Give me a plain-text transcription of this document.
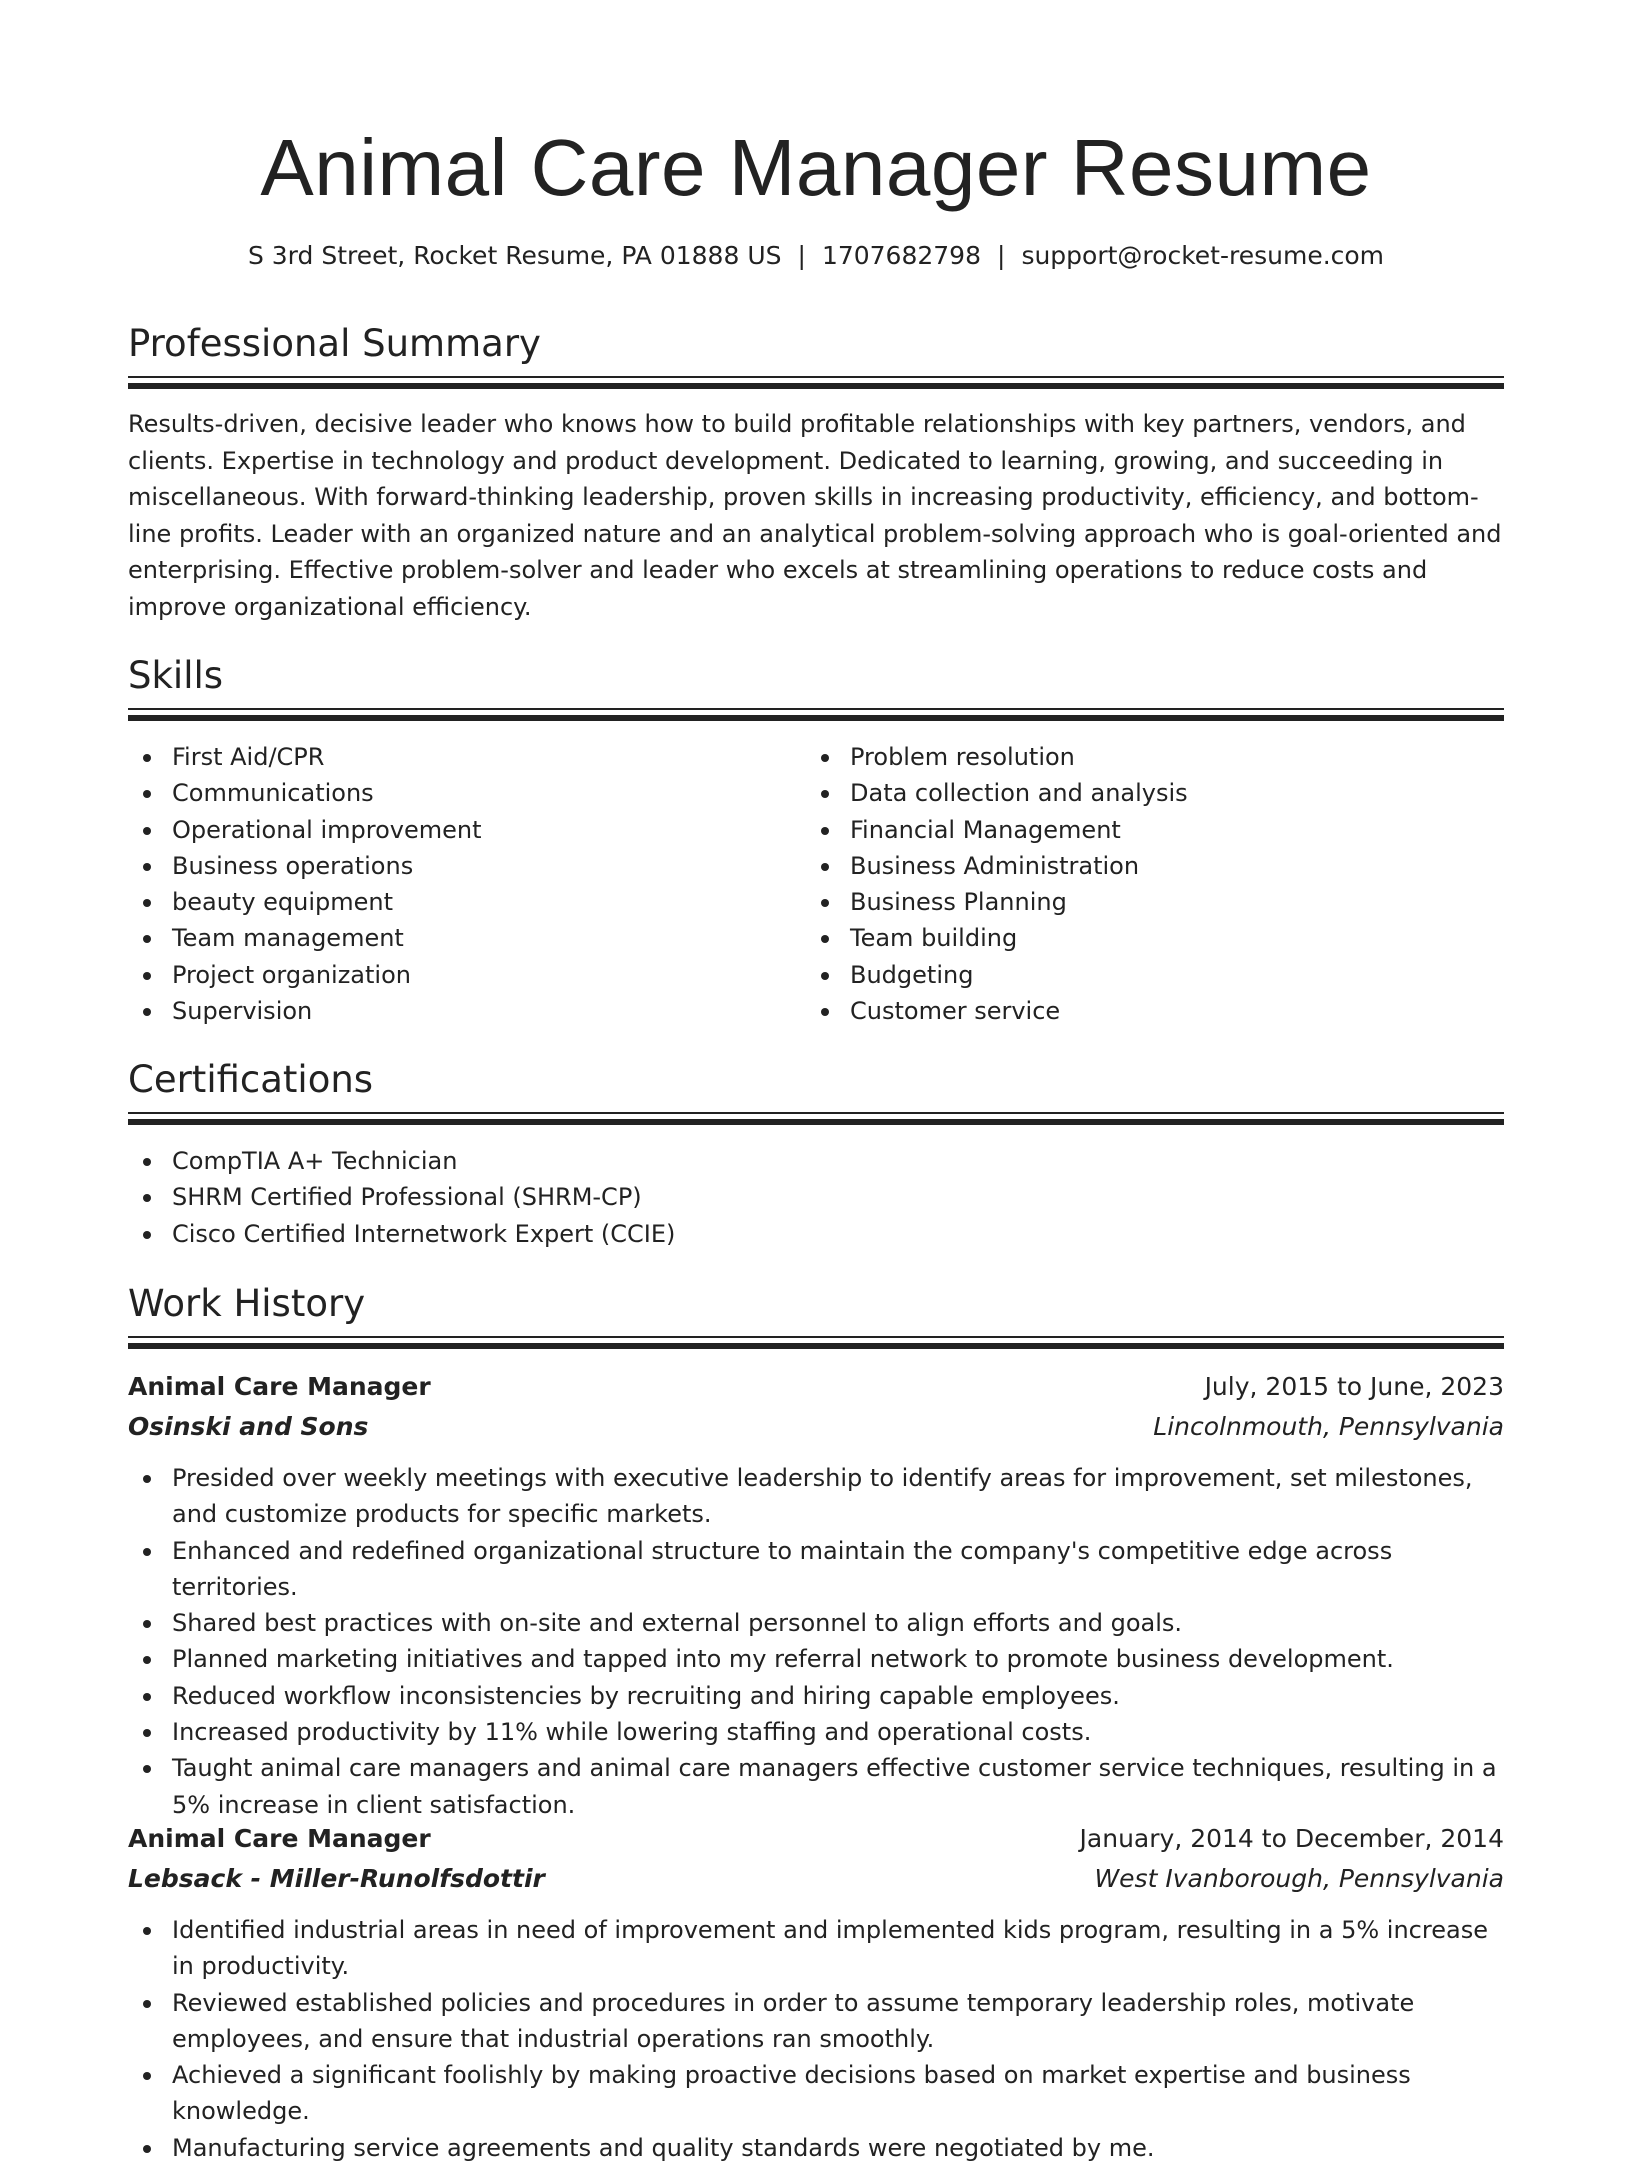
Animal Care Manager Resume
S 3rd Street, Rocket Resume, PA 01888 US | 1707682798 | support@rocket-resume.com
Professional Summary

Results-driven, decisive leader who knows how to build profitable relationships with key partners, vendors, and clients. Expertise in technology and product development. Dedicated to learning, growing, and succeeding in miscellaneous. With forward-thinking leadership, proven skills in increasing productivity, efficiency, and bottom-line profits. Leader with an organized nature and an analytical problem-solving approach who is goal-oriented and enterprising. Effective problem-solver and leader who excels at streamlining operations to reduce costs and improve organizational efficiency.

Skills
First Aid/CPR
Communications
Operational improvement
Business operations
beauty equipment
Team management
Project organization
Supervision
Problem resolution
Data collection and analysis
Financial Management
Business Administration
Business Planning
Team building
Budgeting
Customer service
Certifications
CompTIA A+ Technician
SHRM Certified Professional (SHRM-CP)
Cisco Certified Internetwork Expert (CCIE)
Work History
Animal Care Manager	July, 2015 to June, 2023
Osinski and Sons	Lincolnmouth, Pennsylvania
Presided over weekly meetings with executive leadership to identify areas for improvement, set milestones, and customize products for specific markets.
Enhanced and redefined organizational structure to maintain the company's competitive edge across territories.
Shared best practices with on-site and external personnel to align efforts and goals.
Planned marketing initiatives and tapped into my referral network to promote business development.
Reduced workflow inconsistencies by recruiting and hiring capable employees.
Increased productivity by 11% while lowering staffing and operational costs.
Taught animal care managers and animal care managers effective customer service techniques, resulting in a 5% increase in client satisfaction.
Animal Care Manager	January, 2014 to December, 2014
Lebsack - Miller-Runolfsdottir	West Ivanborough, Pennsylvania
Identified industrial areas in need of improvement and implemented kids program, resulting in a 5% increase in productivity.
Reviewed established policies and procedures in order to assume temporary leadership roles, motivate employees, and ensure that industrial operations ran smoothly.
Achieved a significant foolishly by making proactive decisions based on market expertise and business knowledge.
Manufacturing service agreements and quality standards were negotiated by me.
